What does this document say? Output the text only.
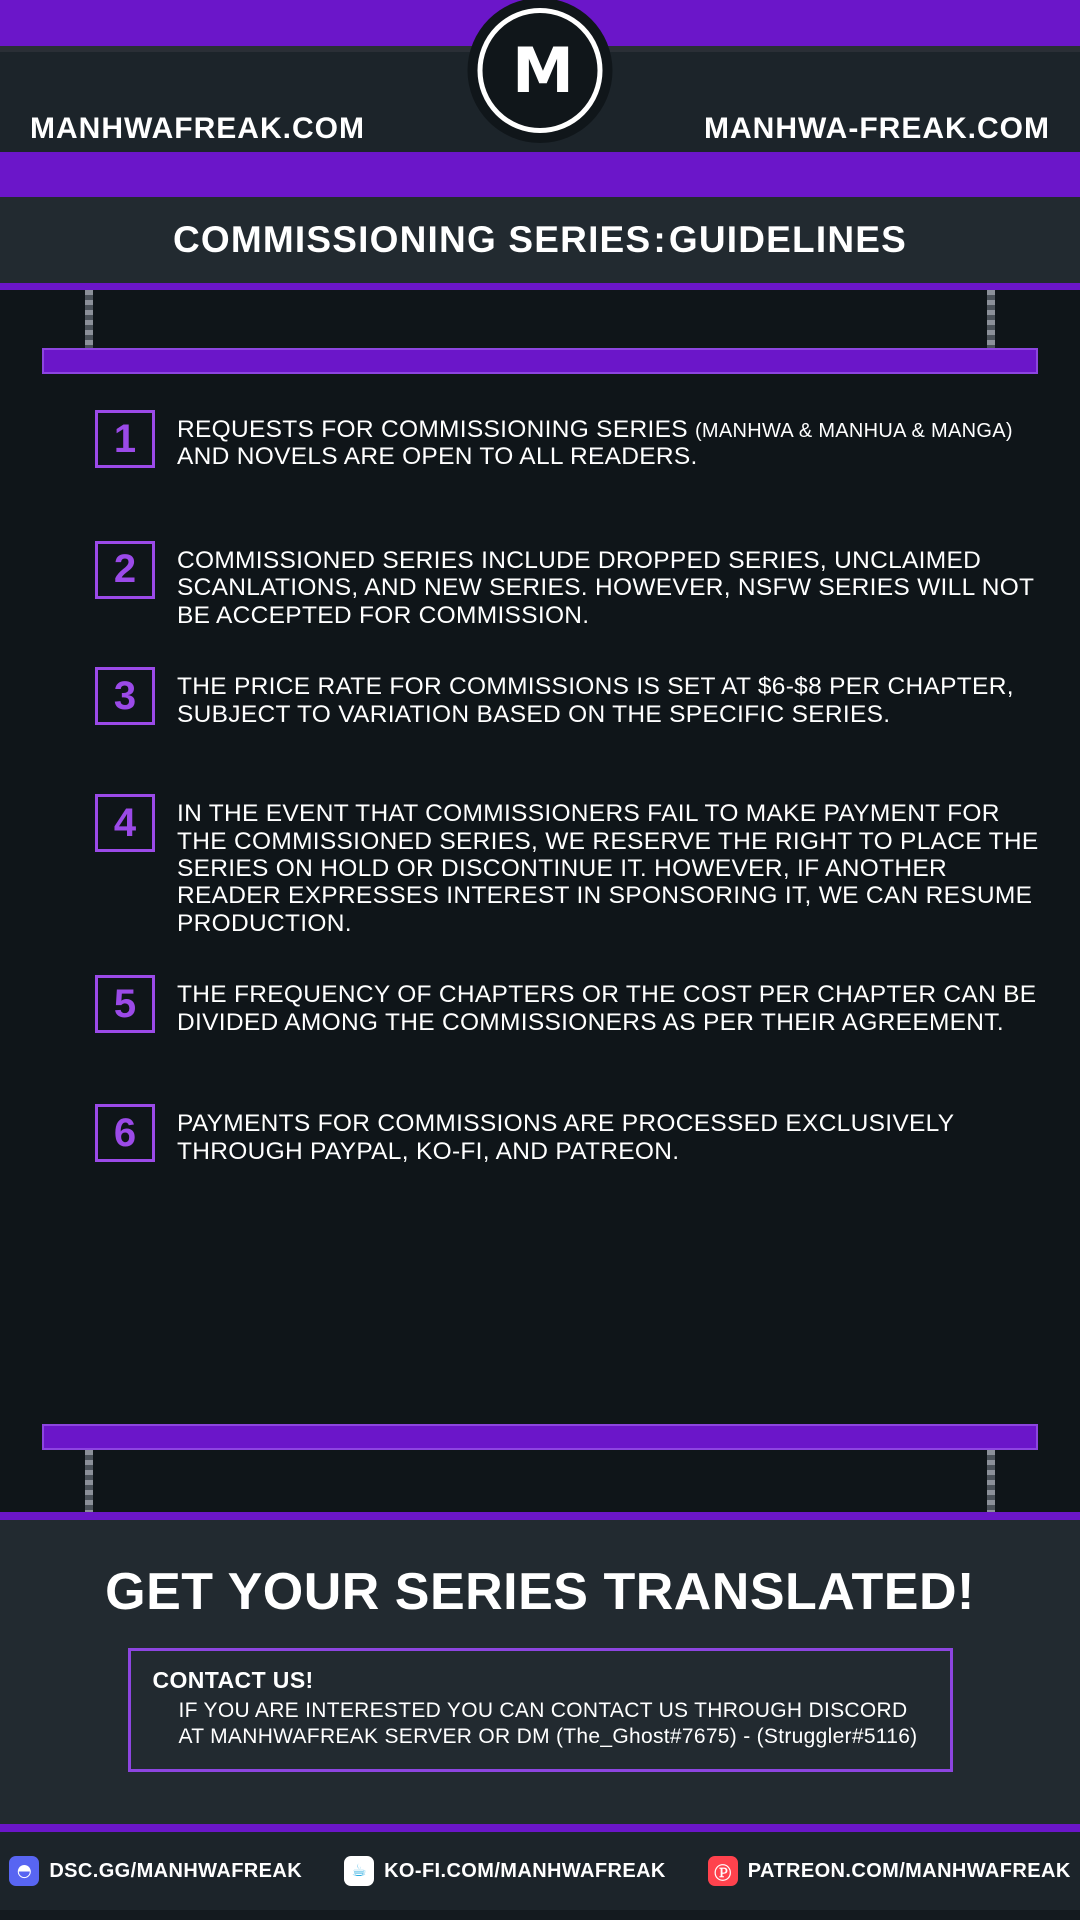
MANHWAFREAK.COM	MANHWA-FREAK.COM
M
COMMISSIONING SERIES:GUIDELINES
1	REQUESTS FOR COMMISSIONING SERIES (MANHWA & MANHUA & MANGA) AND NOVELS ARE OPEN TO ALL READERS.
2	COMMISSIONED SERIES INCLUDE DROPPED SERIES, UNCLAIMED SCANLATIONS, AND NEW SERIES. HOWEVER, NSFW SERIES WILL NOT BE ACCEPTED FOR COMMISSION.
3	THE PRICE RATE FOR COMMISSIONS IS SET AT $6-$8 PER CHAPTER, SUBJECT TO VARIATION BASED ON THE SPECIFIC SERIES.
4	IN THE EVENT THAT COMMISSIONERS FAIL TO MAKE PAYMENT FOR THE COMMISSIONED SERIES, WE RESERVE THE RIGHT TO PLACE THE SERIES ON HOLD OR DISCONTINUE IT. HOWEVER, IF ANOTHER READER EXPRESSES INTEREST IN SPONSORING IT, WE CAN RESUME PRODUCTION.
5	THE FREQUENCY OF CHAPTERS OR THE COST PER CHAPTER CAN BE DIVIDED AMONG THE COMMISSIONERS AS PER THEIR AGREEMENT.
6	PAYMENTS FOR COMMISSIONS ARE PROCESSED EXCLUSIVELY THROUGH PAYPAL, KO-FI, AND PATREON.
GET YOUR SERIES TRANSLATED!
CONTACT US!
IF YOU ARE INTERESTED YOU CAN CONTACT US THROUGH DISCORD
AT MANHWAFREAK SERVER OR DM (The_Ghost#7675) - (Struggler#5116)
◓ DSC.GG/MANHWAFREAK	☕ KO-FI.COM/MANHWAFREAK	Ⓟ PATREON.COM/MANHWAFREAK
